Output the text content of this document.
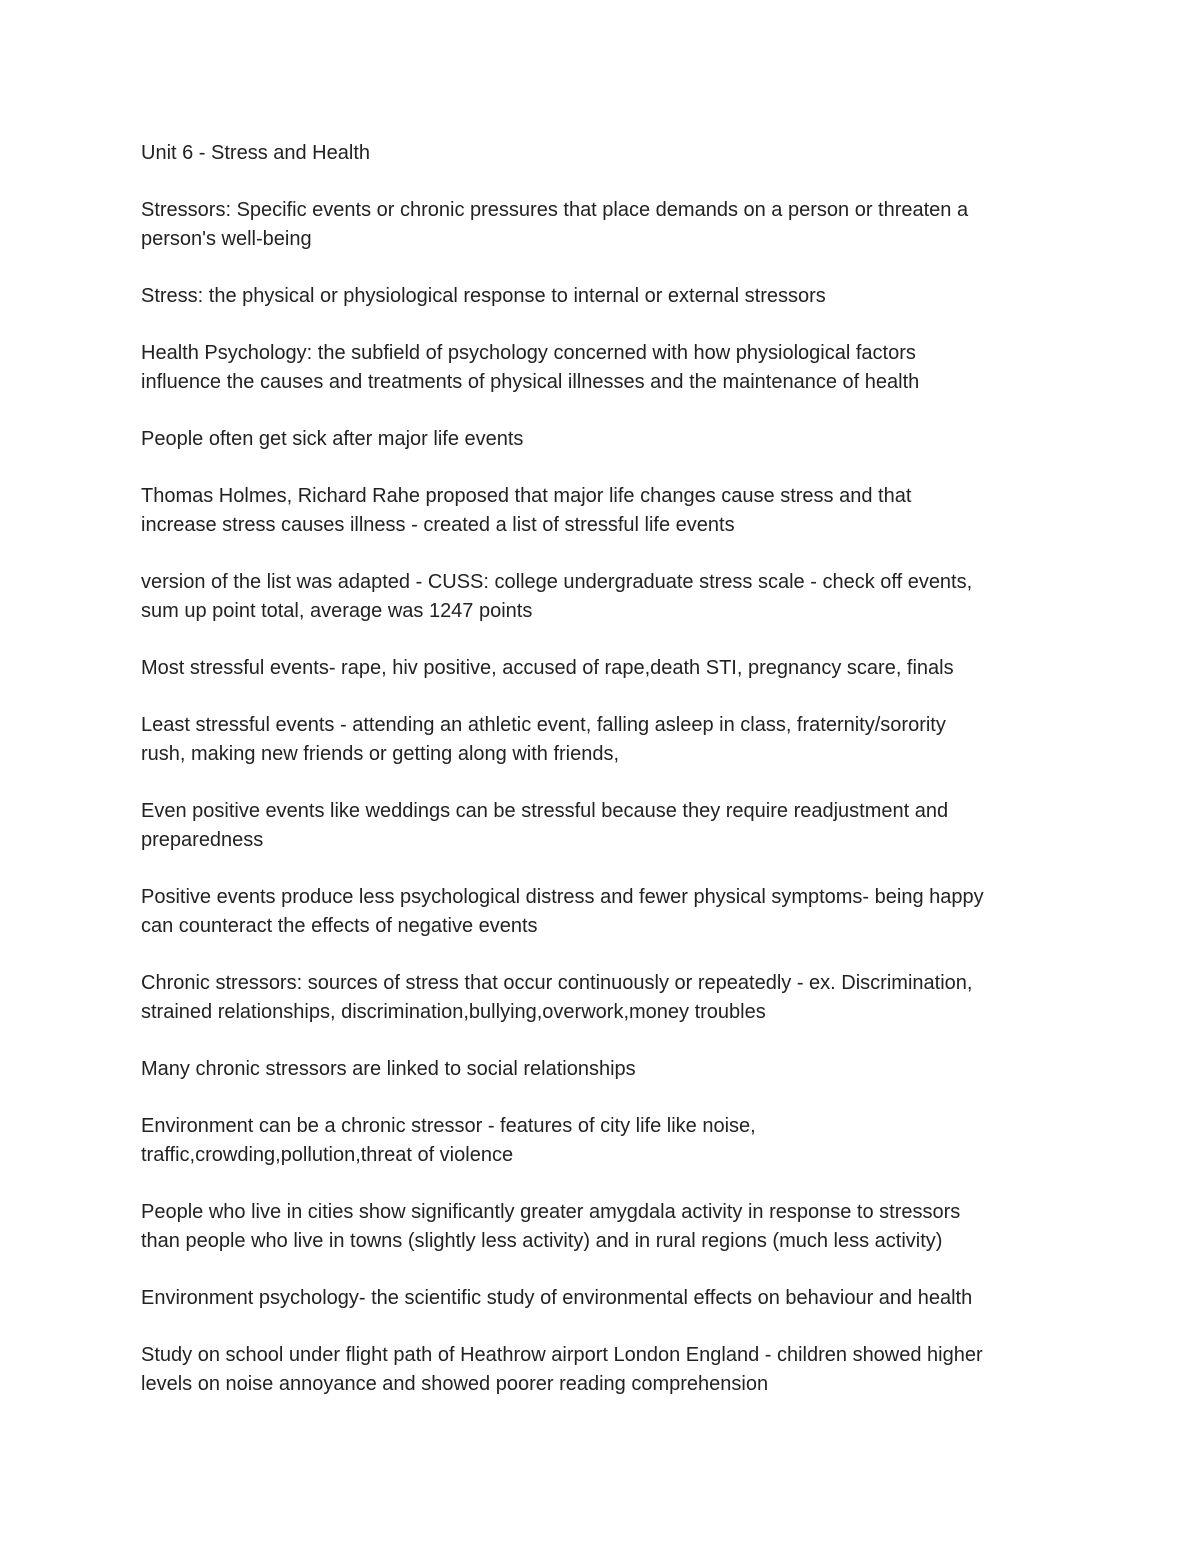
Unit 6 - Stress and Health

Stressors: Specific events or chronic pressures that place demands on a person or threaten a
person's well-being

Stress: the physical or physiological response to internal or external stressors

Health Psychology: the subfield of psychology concerned with how physiological factors
influence the causes and treatments of physical illnesses and the maintenance of health

People often get sick after major life events

Thomas Holmes, Richard Rahe proposed that major life changes cause stress and that
increase stress causes illness - created a list of stressful life events

version of the list was adapted - CUSS: college undergraduate stress scale - check off events,
sum up point total, average was 1247 points

Most stressful events- rape, hiv positive, accused of rape,death STI, pregnancy scare, finals

Least stressful events - attending an athletic event, falling asleep in class, fraternity/sorority
rush, making new friends or getting along with friends,

Even positive events like weddings can be stressful because they require readjustment and
preparedness

Positive events produce less psychological distress and fewer physical symptoms- being happy
can counteract the effects of negative events

Chronic stressors: sources of stress that occur continuously or repeatedly - ex. Discrimination,
strained relationships, discrimination,bullying,overwork,money troubles

Many chronic stressors are linked to social relationships

Environment can be a chronic stressor - features of city life like noise,
traffic,crowding,pollution,threat of violence

People who live in cities show significantly greater amygdala activity in response to stressors
than people who live in towns (slightly less activity) and in rural regions (much less activity)

Environment psychology- the scientific study of environmental effects on behaviour and health

Study on school under flight path of Heathrow airport London England - children showed higher
levels on noise annoyance and showed poorer reading comprehension
